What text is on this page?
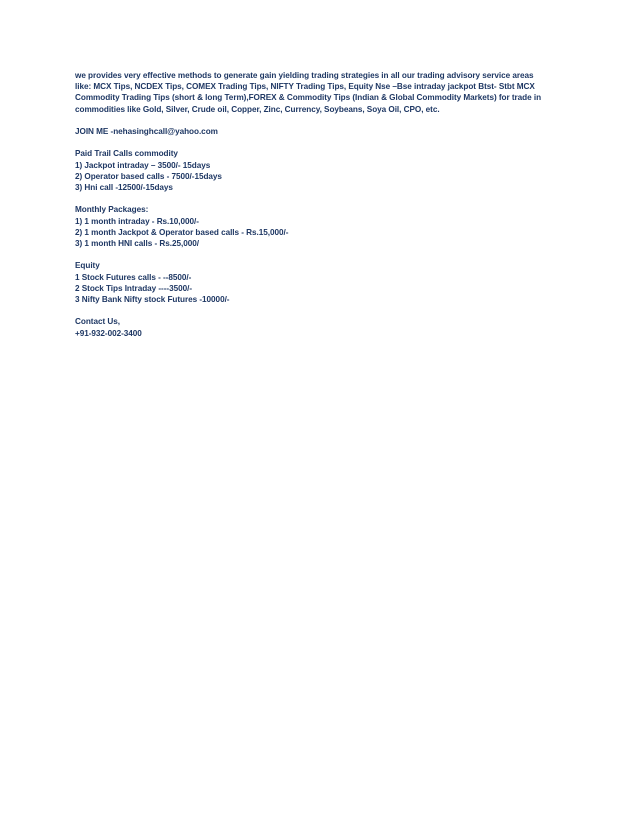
we provides very effective methods to generate gain yielding trading strategies in all our trading advisory service areas
like: MCX Tips, NCDEX Tips, COMEX Trading Tips, NIFTY Trading Tips, Equity Nse –Bse intraday jackpot Btst- Stbt MCX
Commodity Trading Tips (short & long Term),FOREX & Commodity Tips (Indian & Global Commodity Markets) for trade in
commodities like Gold, Silver, Crude oil, Copper, Zinc, Currency, Soybeans, Soya Oil, CPO, etc.
JOIN ME -nehasinghcall@yahoo.com
Paid Trail Calls commodity
1) Jackpot intraday – 3500/- 15days
2) Operator based calls - 7500/-15days
3) Hni call -12500/-15days
Monthly Packages:
1) 1 month intraday - Rs.10,000/-
2) 1 month Jackpot & Operator based calls - Rs.15,000/-
3) 1 month HNI calls - Rs.25,000/
Equity
1 Stock Futures calls - --8500/-
2 Stock Tips Intraday ----3500/-
3 Nifty Bank Nifty stock Futures -10000/-
Contact Us,
+91-932-002-3400
